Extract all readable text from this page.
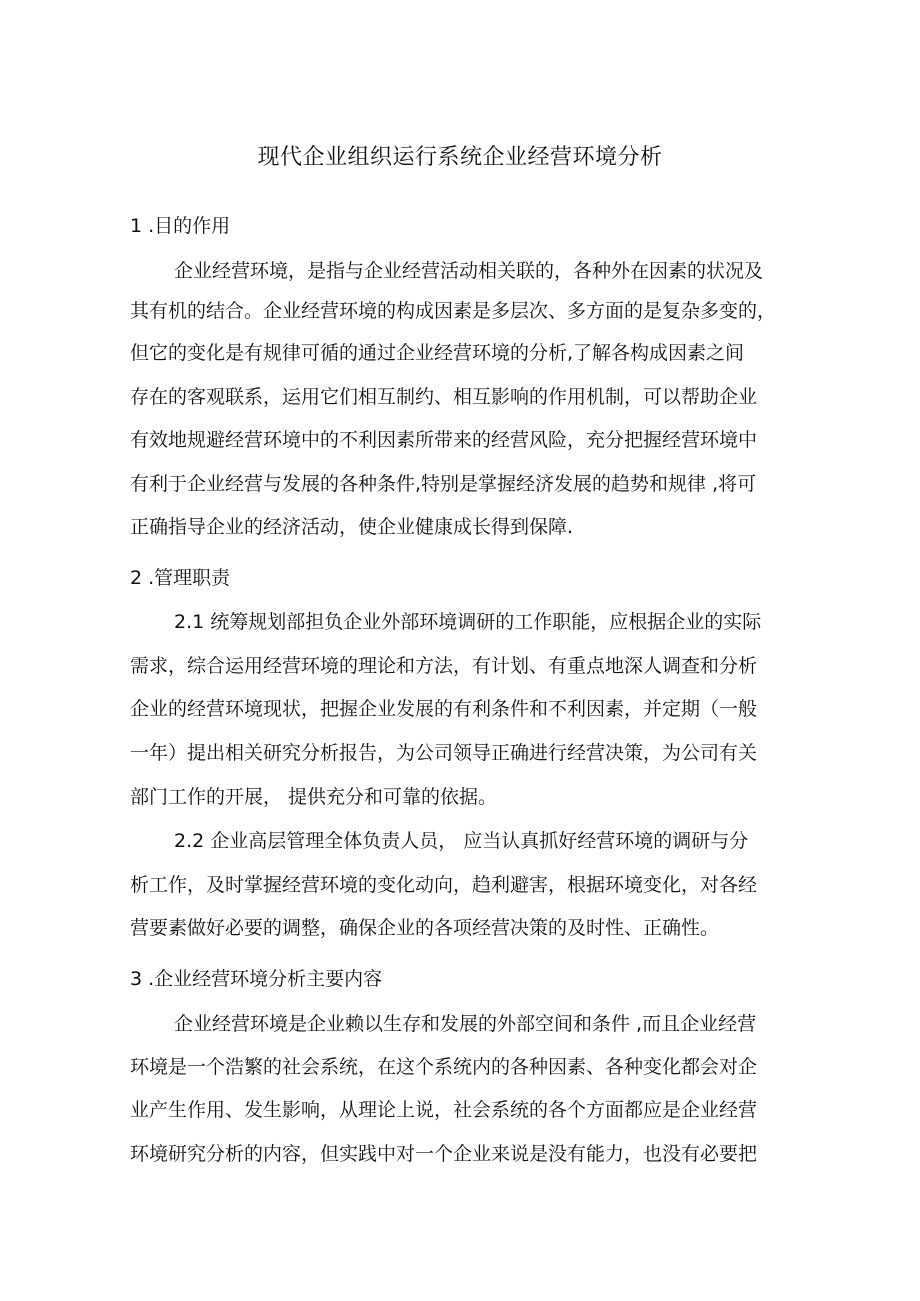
现代企业组织运行系统企业经营环境分析
1 .目的作用
企业经营环境，是指与企业经营活动相关联的，各种外在因素的状况及
其有机的结合。企业经营环境的构成因素是多层次、多方面的是复杂多变的，
但它的变化是有规律可循的通过企业经营环境的分析,了解各构成因素之间
存在的客观联系，运用它们相互制约、相互影响的作用机制，可以帮助企业
有效地规避经营环境中的不利因素所带来的经营风险，充分把握经营环境中
有利于企业经营与发展的各种条件,特别是掌握经济发展的趋势和规律 ,将可
正确指导企业的经济活动，使企业健康成长得到保障.
2 .管理职责
2.1 统筹规划部担负企业外部环境调研的工作职能，应根据企业的实际
需求，综合运用经营环境的理论和方法，有计划、有重点地深人调查和分析
企业的经营环境现状，把握企业发展的有利条件和不利因素，并定期（一般
一年）提出相关研究分析报告，为公司领导正确进行经营决策，为公司有关
部门工作的开展， 提供充分和可靠的依据。
2.2 企业高层管理全体负责人员， 应当认真抓好经营环境的调研与分
析工作，及时掌握经营环境的变化动向，趋利避害，根据环境变化，对各经
营要素做好必要的调整，确保企业的各项经营决策的及时性、正确性。
3 .企业经营环境分析主要内容
企业经营环境是企业赖以生存和发展的外部空间和条件 ,而且企业经营
环境是一个浩繁的社会系统，在这个系统内的各种因素、各种变化都会对企
业产生作用、发生影响，从理论上说，社会系统的各个方面都应是企业经营
环境研究分析的内容，但实践中对一个企业来说是没有能力，也没有必要把
